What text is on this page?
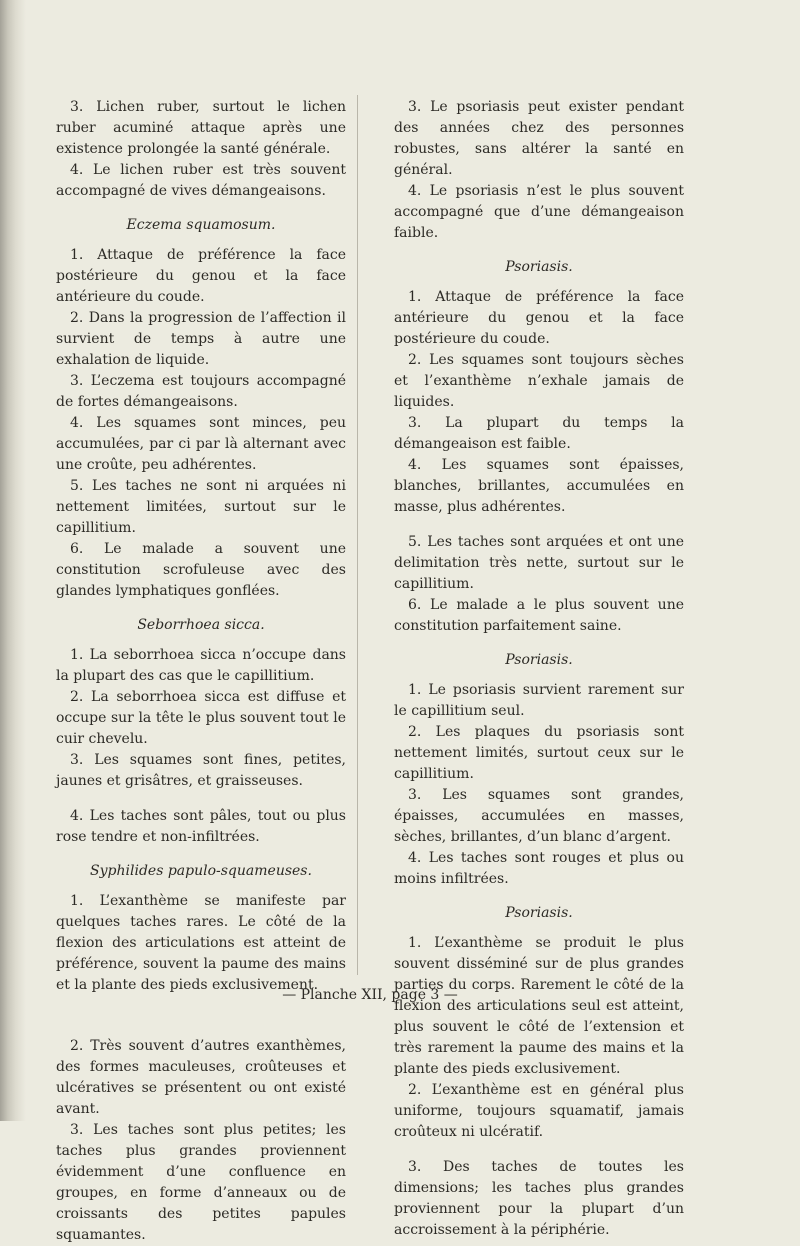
3. Lichen ruber, surtout le lichen ruber acuminé attaque après une existence prolongée la santé générale.

4. Le lichen ruber est très souvent accompagné de vives démangeaisons.

Eczema squamosum.

1. Attaque de préférence la face postérieure du genou et la face antérieure du coude.

2. Dans la progression de l’affection il survient de temps à autre une exhalation de liquide.

3. L’eczema est toujours accompagné de fortes démangeaisons.

4. Les squames sont minces, peu accumulées, par ci par là alternant avec une croûte, peu adhérentes.

5. Les taches ne sont ni arquées ni nettement limitées, surtout sur le capillitium.

6. Le malade a souvent une constitution scrofuleuse avec des glandes lymphatiques gonflées.

Seborrhoea sicca.

1. La seborrhoea sicca n’occupe dans la plupart des cas que le capillitium.

2. La seborrhoea sicca est diffuse et occupe sur la tête le plus souvent tout le cuir chevelu.

3. Les squames sont fines, petites, jaunes et grisâtres, et graisseuses.

4. Les taches sont pâles, tout ou plus rose tendre et non-infiltrées.

Syphilides papulo-squameuses.

1. L’exanthème se manifeste par quelques taches rares. Le côté de la flexion des articulations est atteint de préférence, souvent la paume des mains et la plante des pieds exclusivement.

2. Très souvent d’autres exanthèmes, des formes maculeuses, croûteuses et ulcératives se présentent ou ont existé avant.

3. Les taches sont plus petites; les taches plus grandes proviennent évidemment d’une confluence en groupes, en forme d’anneaux ou de croissants des petites papules squamantes.

3. Le psoriasis peut exister pendant des années chez des personnes robustes, sans altérer la santé en général.

4. Le psoriasis n’est le plus souvent accompagné que d’une démangeaison faible.

Psoriasis.

1. Attaque de préférence la face antérieure du genou et la face postérieure du coude.

2. Les squames sont toujours sèches et l’exanthème n’exhale jamais de liquides.

3. La plupart du temps la démangeaison est faible.

4. Les squames sont épaisses, blanches, brillantes, accumulées en masse, plus adhérentes.

5. Les taches sont arquées et ont une delimitation très nette, surtout sur le capillitium.

6. Le malade a le plus souvent une constitution parfaitement saine.

Psoriasis.

1. Le psoriasis survient rarement sur le capillitium seul.

2. Les plaques du psoriasis sont nettement limités, surtout ceux sur le capillitium.

3. Les squames sont grandes, épaisses, accumulées en masses, sèches, brillantes, d’un blanc d’argent.

4. Les taches sont rouges et plus ou moins infiltrées.

Psoriasis.

1. L’exanthème se produit le plus souvent disséminé sur de plus grandes parties du corps. Rarement le côté de la flexion des articulations seul est atteint, plus souvent le côté de l’extension et très rarement la paume des mains et la plante des pieds exclusivement.

2. L’exanthème est en général plus uniforme, toujours squamatif, jamais croûteux ni ulcératif.

3. Des taches de toutes les dimensions; les taches plus grandes proviennent pour la plupart d’un accroissement à la périphérie.

— Planche XII, page 3 —
